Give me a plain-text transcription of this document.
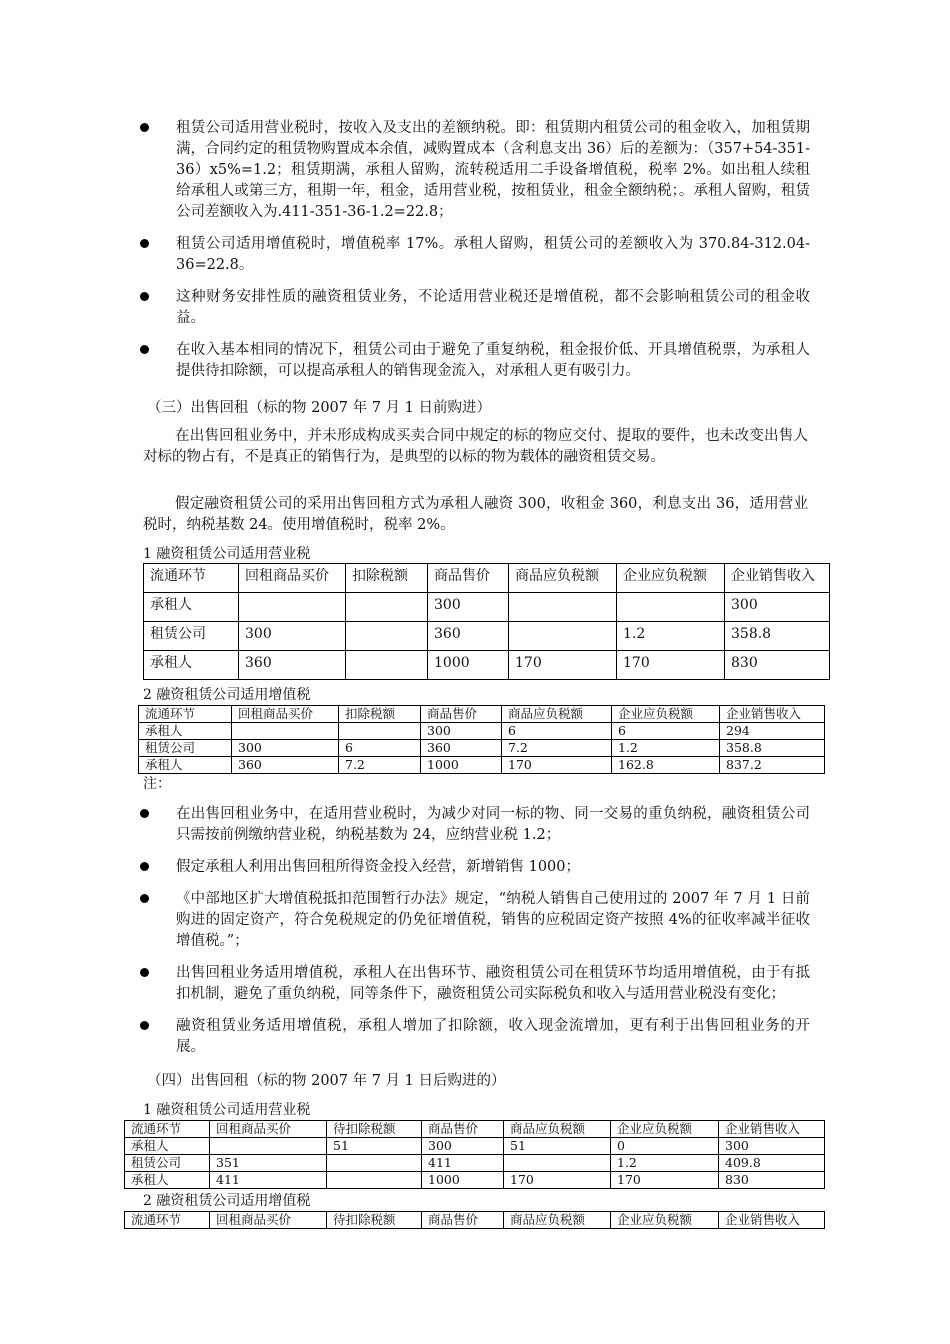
租赁公司适用营业税时，按收入及支出的差额纳税。即：租赁期内租赁公司的租金收入，加租赁期满，合同约定的租赁物购置成本余值，减购置成本（含利息支出 36）后的差额为：（357+54-351-36）x5%=1.2；租赁期满，承租人留购，流转税适用二手设备增值税，税率 2%。如出租人续租给承租人或第三方，租期一年，租金，适用营业税，按租赁业，租金全额纳税；。承租人留购，租赁公司差额收入为.411-351-36-1.2=22.8；
租赁公司适用增值税时，增值税率 17%。承租人留购，租赁公司的差额收入为 370.84-312.04-36=22.8。
这种财务安排性质的融资租赁业务，不论适用营业税还是增值税，都不会影响租赁公司的租金收益。
在收入基本相同的情况下，租赁公司由于避免了重复纳税，租金报价低、开具增值税票，为承租人提供待扣除额，可以提高承租人的销售现金流入，对承租人更有吸引力。

（三）出售回租（标的物 2007 年 7 月 1 日前购进）

在出售回租业务中，并未形成构成买卖合同中规定的标的物应交付、提取的要件，也未改变出售人对标的物占有，不是真正的销售行为，是典型的以标的物为载体的融资租赁交易。

假定融资租赁公司的采用出售回租方式为承租人融资 300，收租金 360，利息支出 36，适用营业税时，纳税基数 24。使用增值税时，税率 2%。

1 融资租赁公司适用营业税

流通环节	回租商品买价	扣除税额	商品售价	商品应负税额	企业应负税额	企业销售收入
承租人			300			300
租赁公司	300		360		1.2	358.8
承租人	360		1000	170	170	830

2 融资租赁公司适用增值税

流通环节	回租商品买价	扣除税额	商品售价	商品应负税额	企业应负税额	企业销售收入
承租人			300	6	6	294
租赁公司	300	6	360	7.2	1.2	358.8
承租人	360	7.2	1000	170	162.8	837.2

注：

在出售回租业务中，在适用营业税时，为减少对同一标的物、同一交易的重负纳税，融资租赁公司只需按前例缴纳营业税，纳税基数为 24，应纳营业税 1.2；
假定承租人利用出售回租所得资金投入经营，新增销售 1000；
《中部地区扩大增值税抵扣范围暂行办法》规定，“纳税人销售自己使用过的 2007 年 7 月 1 日前购进的固定资产，符合免税规定的仍免征增值税，销售的应税固定资产按照 4%的征收率减半征收增值税。”；
出售回租业务适用增值税，承租人在出售环节、融资租赁公司在租赁环节均适用增值税，由于有抵扣机制，避免了重负纳税，同等条件下，融资租赁公司实际税负和收入与适用营业税没有变化；
融资租赁业务适用增值税，承租人增加了扣除额，收入现金流增加，更有利于出售回租业务的开展。

（四）出售回租（标的物 2007 年 7 月 1 日后购进的）

1 融资租赁公司适用营业税

流通环节	回租商品买价	待扣除税额	商品售价	商品应负税额	企业应负税额	企业销售收入
承租人		51	300	51	0	300
租赁公司	351		411		1.2	409.8
承租人	411		1000	170	170	830

2 融资租赁公司适用增值税

流通环节	回租商品买价	待扣除税额	商品售价	商品应负税额	企业应负税额	企业销售收入
